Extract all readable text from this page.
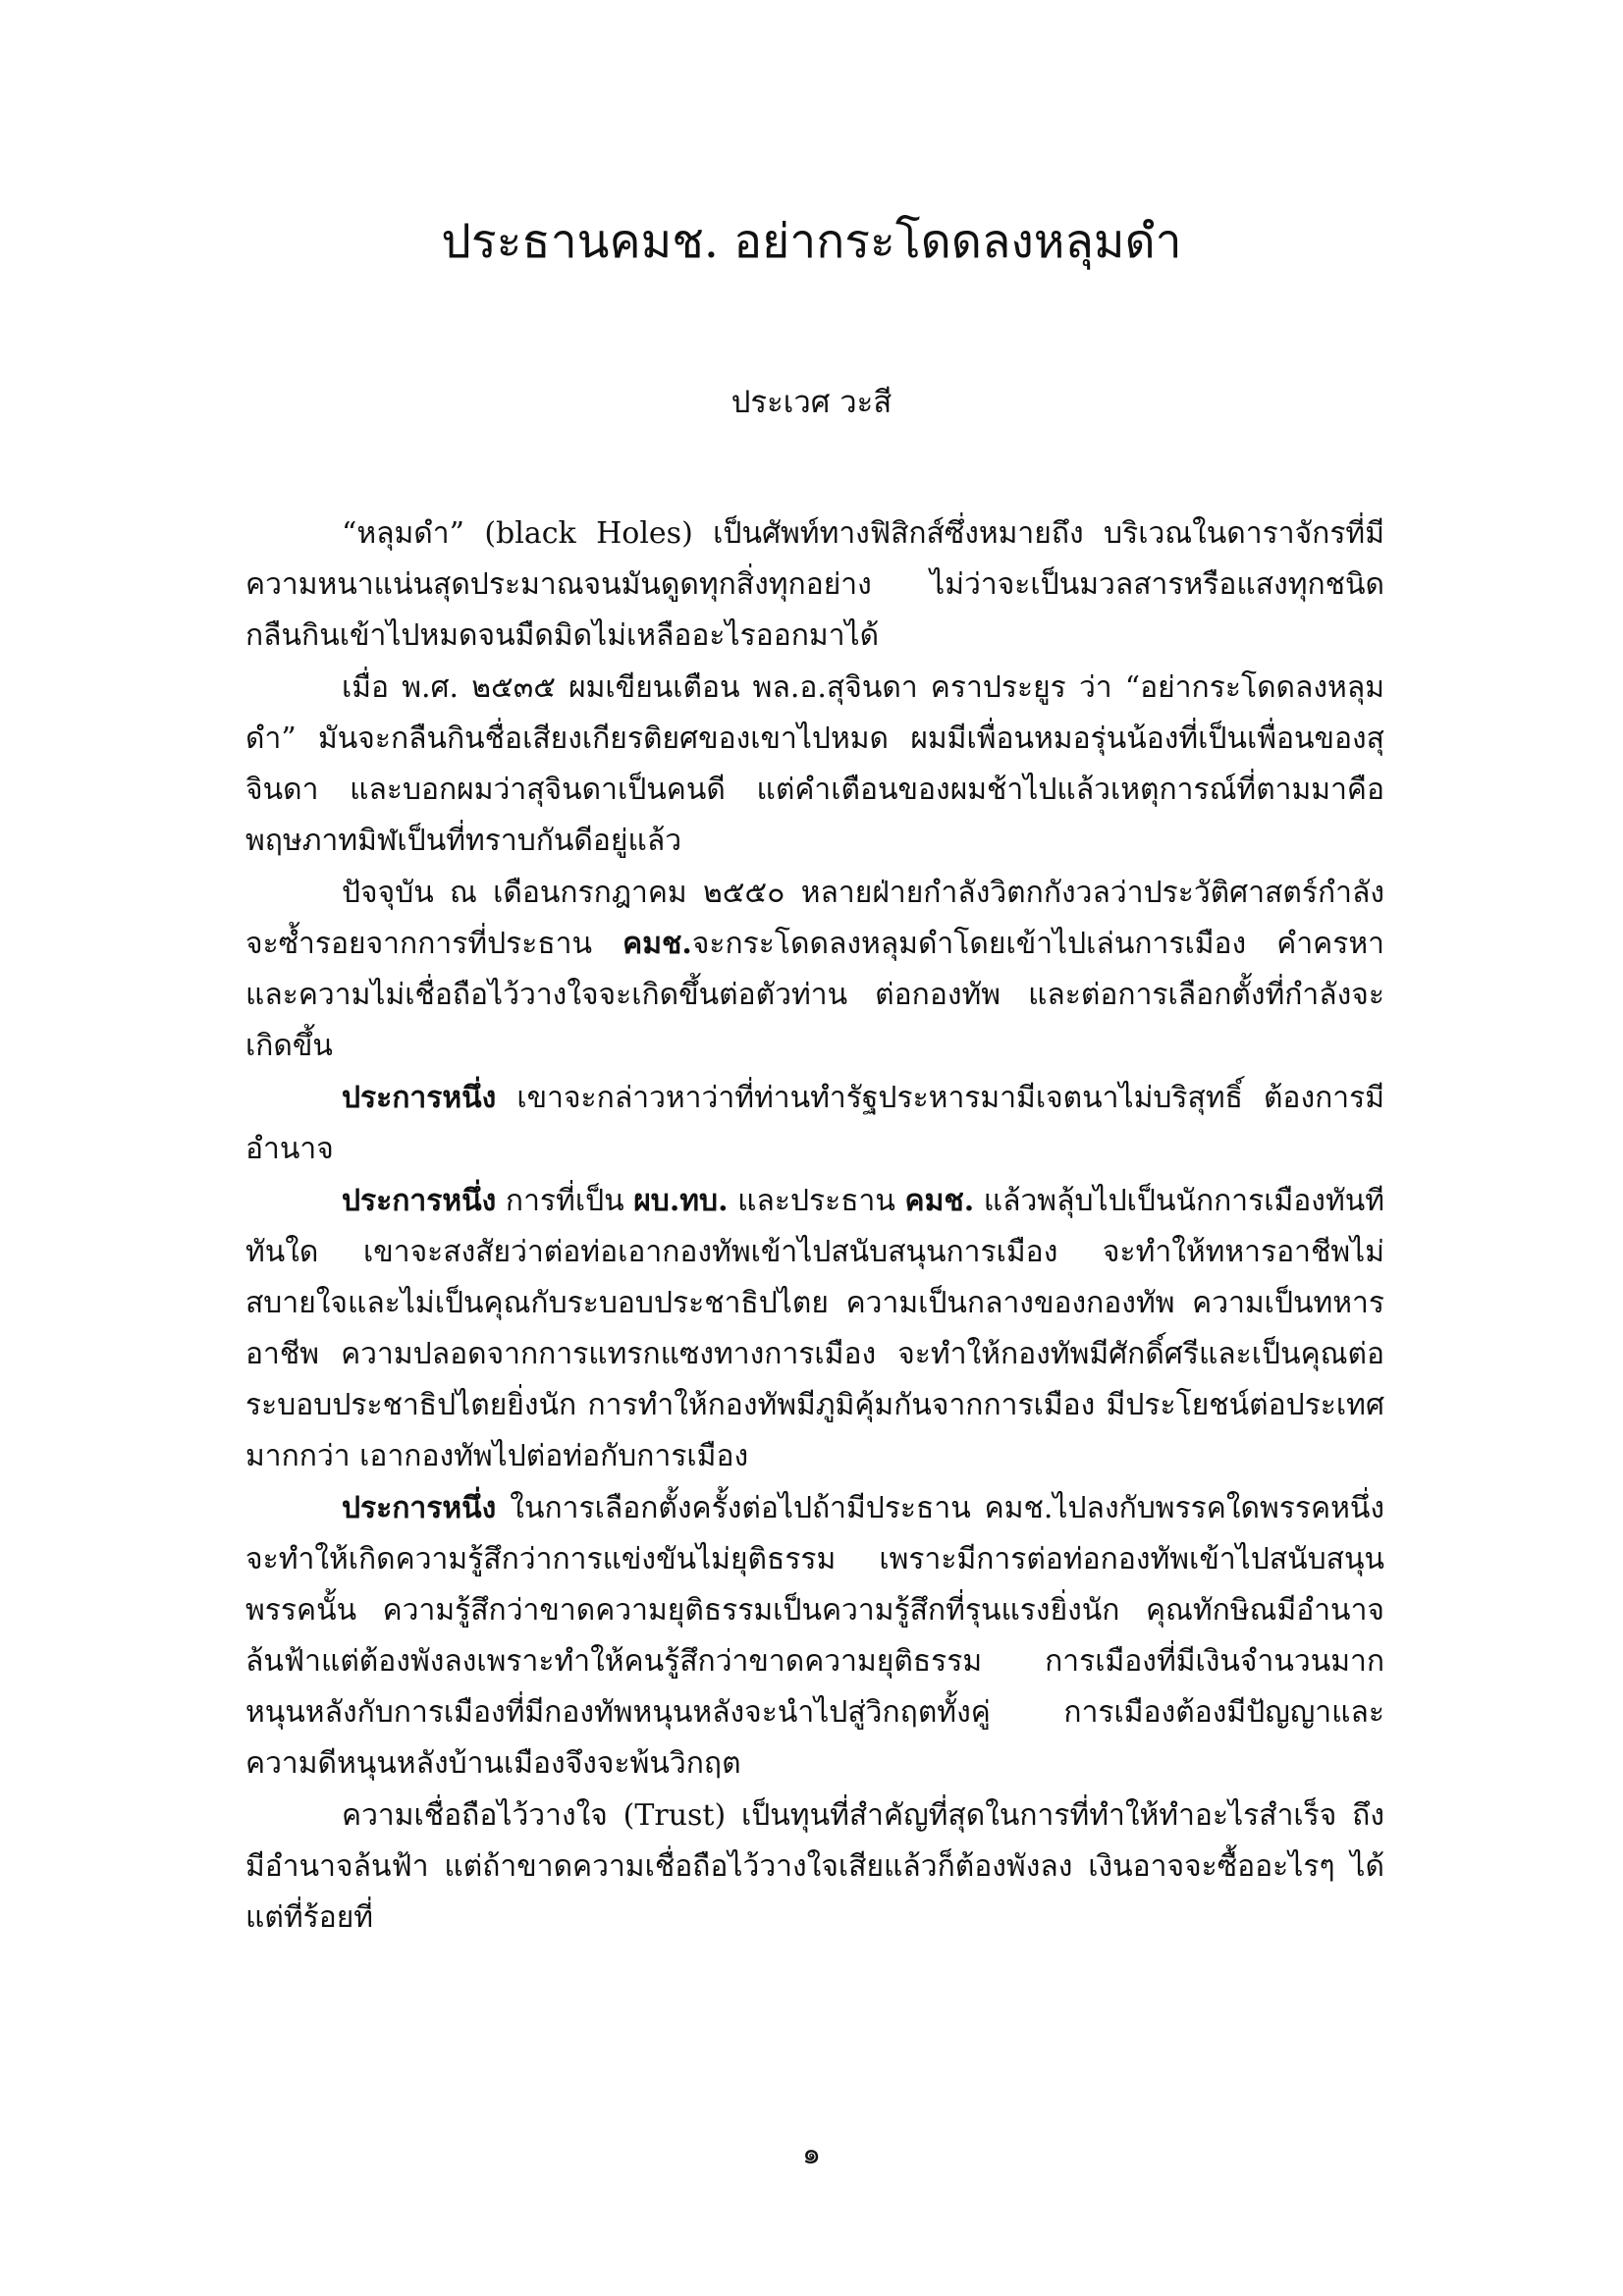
ประธานคมช. อย่ากระโดดลงหลุมดำ
ประเวศ วะสี

“หลุมดำ” (black Holes) เป็นศัพท์ทางฟิสิกส์ซึ่งหมายถึง บริเวณในดาราจักรที่มีความหนาแน่นสุดประมาณจนมันดูดทุกสิ่งทุกอย่าง ไม่ว่าจะเป็นมวลสารหรือแสงทุกชนิดกลืนกินเข้าไปหมดจนมืดมิดไม่เหลืออะไรออกมาได้

เมื่อ พ.ศ. ๒๕๓๕ ผมเขียนเตือน พล.อ.สุจินดา คราประยูร ว่า “อย่ากระโดดลงหลุมดำ” มันจะกลืนกินชื่อเสียงเกียรติยศของเขาไปหมด ผมมีเพื่อนหมอรุ่นน้องที่เป็นเพื่อนของสุจินดา และบอกผมว่าสุจินดาเป็นคนดี แต่คำเตือนของผมช้าไปแล้วเหตุการณ์ที่ตามมาคือ พฤษภาทมิฬเป็นที่ทราบกันดีอยู่แล้ว

ปัจจุบัน ณ เดือนกรกฎาคม ๒๕๕๐ หลายฝ่ายกำลังวิตกกังวลว่าประวัติศาสตร์กำลังจะซ้ำรอยจากการที่ประธาน คมช.จะกระโดดลงหลุมดำโดยเข้าไปเล่นการเมือง คำครหาและความไม่เชื่อถือไว้วางใจจะเกิดขึ้นต่อตัวท่าน ต่อกองทัพ และต่อการเลือกตั้งที่กำลังจะเกิดขึ้น

ประการหนึ่ง เขาจะกล่าวหาว่าที่ท่านทำรัฐประหารมามีเจตนาไม่บริสุทธิ์ ต้องการมีอำนาจ

ประการหนึ่ง การที่เป็น ผบ.ทบ. และประธาน คมช. แล้วพลุ้บไปเป็นนักการเมืองทันทีทันใด เขาจะสงสัยว่าต่อท่อเอากองทัพเข้าไปสนับสนุนการเมือง จะทำให้ทหารอาชีพไม่สบายใจและไม่เป็นคุณกับระบอบประชาธิปไตย ความเป็นกลางของกองทัพ ความเป็นทหารอาชีพ ความปลอดจากการแทรกแซงทางการเมือง จะทำให้กองทัพมีศักดิ์ศรีและเป็นคุณต่อระบอบประชาธิปไตยยิ่งนัก การทำให้กองทัพมีภูมิคุ้มกันจากการเมือง มีประโยชน์ต่อประเทศมากกว่า เอากองทัพไปต่อท่อกับการเมือง

ประการหนึ่ง ในการเลือกตั้งครั้งต่อไปถ้ามีประธาน คมช.ไปลงกับพรรคใดพรรคหนึ่ง จะทำให้เกิดความรู้สึกว่าการแข่งขันไม่ยุติธรรม เพราะมีการต่อท่อกองทัพเข้าไปสนับสนุนพรรคนั้น ความรู้สึกว่าขาดความยุติธรรมเป็นความรู้สึกที่รุนแรงยิ่งนัก คุณทักษิณมีอำนาจล้นฟ้าแต่ต้องพังลงเพราะทำให้คนรู้สึกว่าขาดความยุติธรรม การเมืองที่มีเงินจำนวนมากหนุนหลังกับการเมืองที่มีกองทัพหนุนหลังจะนำไปสู่วิกฤตทั้งคู่ การเมืองต้องมีปัญญาและความดีหนุนหลังบ้านเมืองจึงจะพ้นวิกฤต

ความเชื่อถือไว้วางใจ (Trust) เป็นทุนที่สำคัญที่สุดในการที่ทำให้ทำอะไรสำเร็จ ถึงมีอำนาจล้นฟ้า แต่ถ้าขาดความเชื่อถือไว้วางใจเสียแล้วก็ต้องพังลง เงินอาจจะซื้ออะไรๆ ได้ แต่ที่ร้อยที่

๑
